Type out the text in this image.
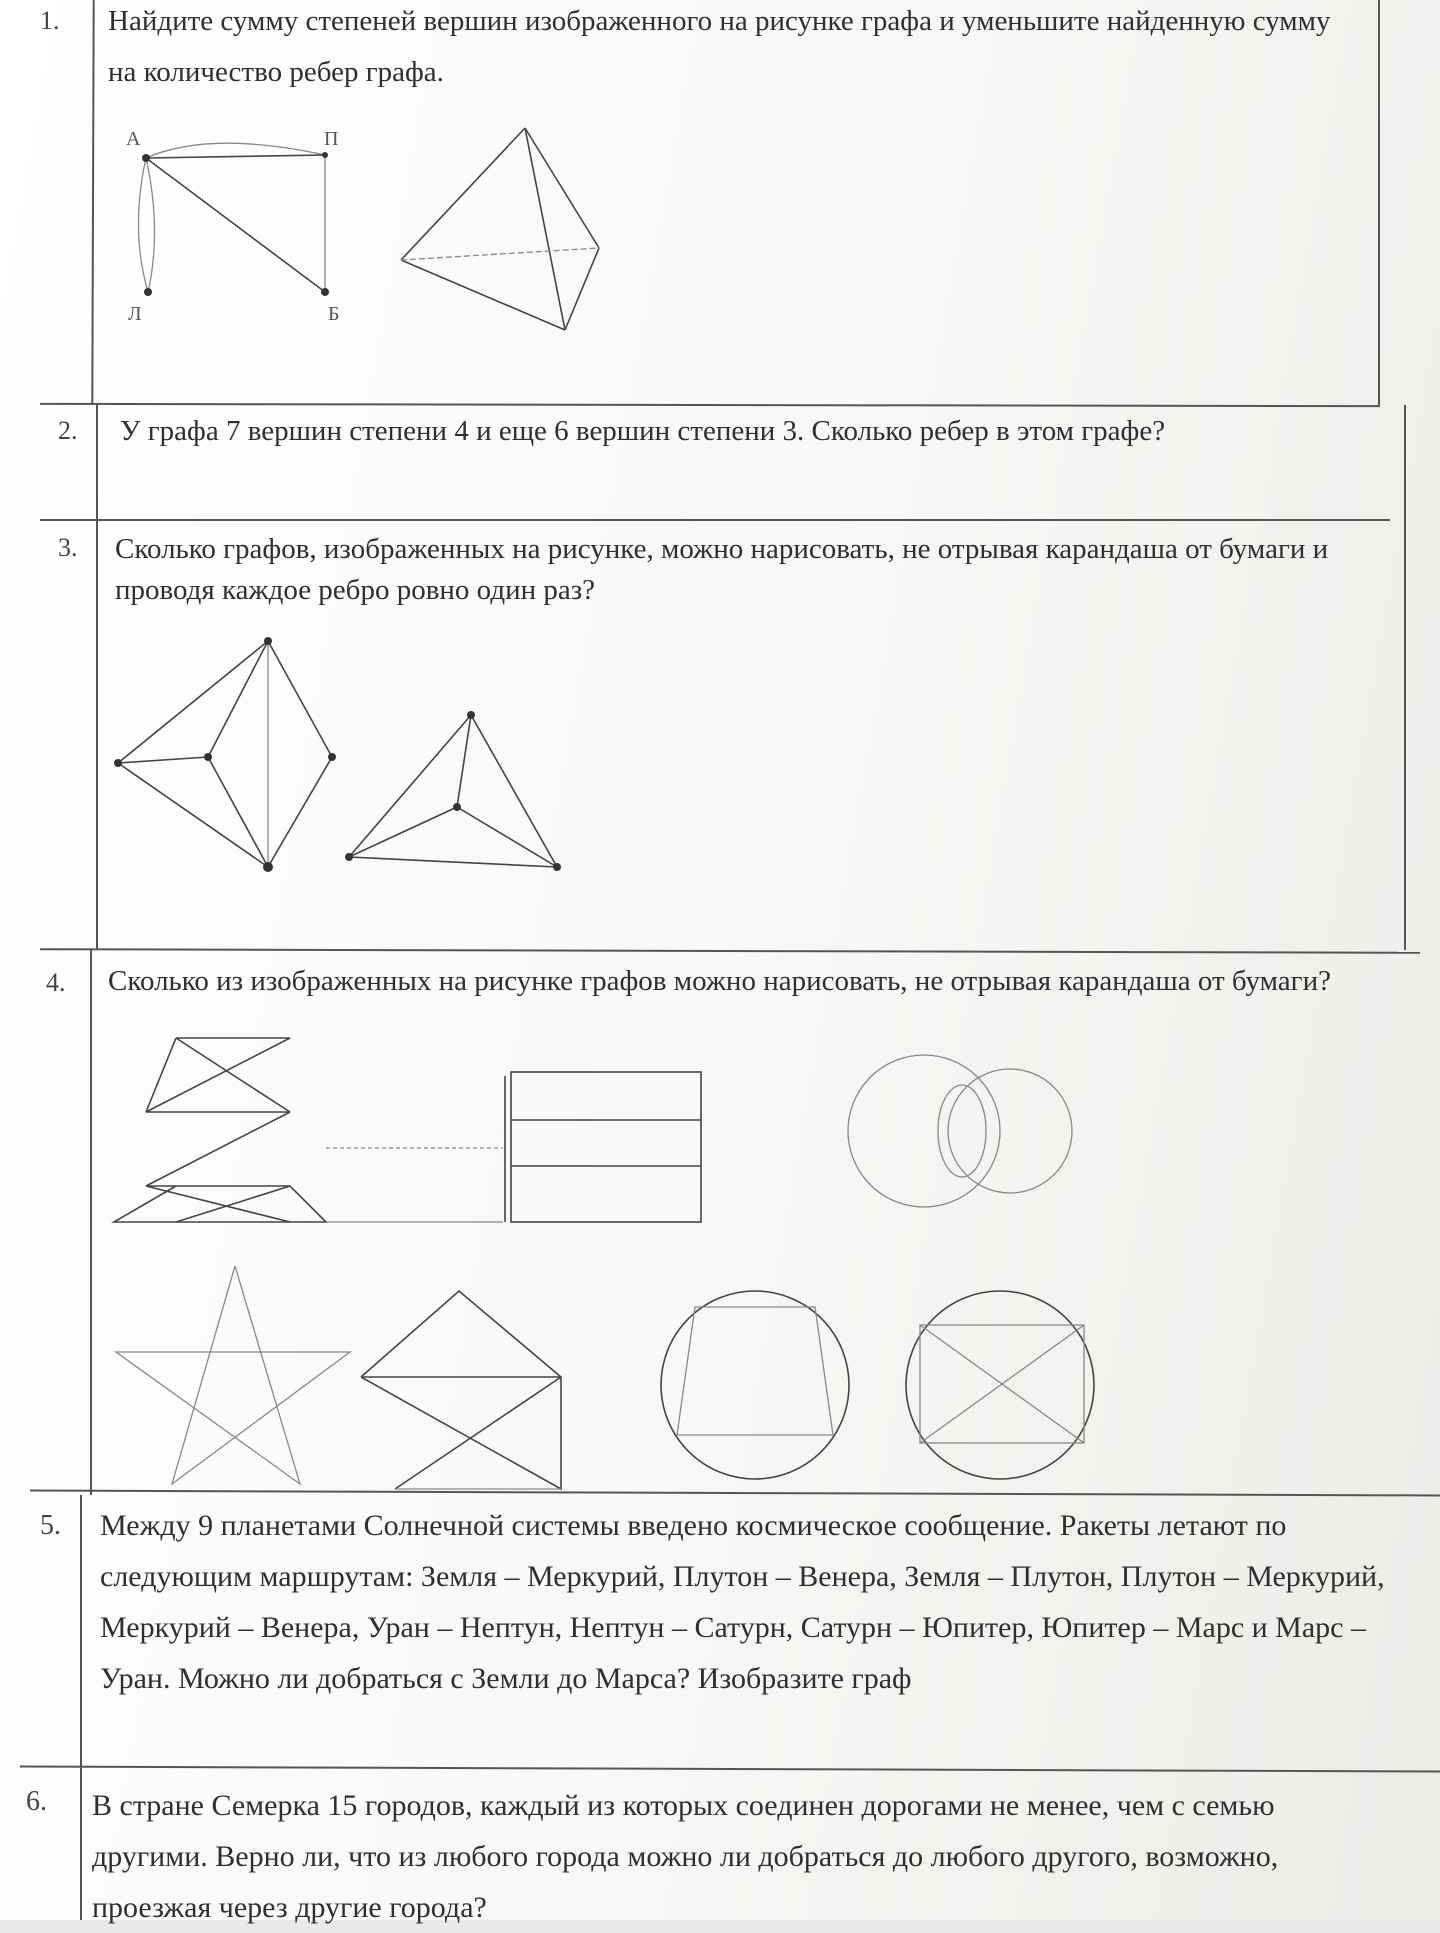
1. Найдите сумму степеней вершин изображенного на рисунке графа и уменьшите найденную сумму
на количество ребер графа.
А	П
Л	Б
2. У графа 7 вершин степени 4 и еще 6 вершин степени 3. Сколько ребер в этом графе?
3. Сколько графов, изображенных на рисунке, можно нарисовать, не отрывая карандаша от бумаги и
проводя каждое ребро ровно один раз?
4. Сколько из изображенных на рисунке графов можно нарисовать, не отрывая карандаша от бумаги?
5. Между 9 планетами Солнечной системы введено космическое сообщение. Ракеты летают по
следующим маршрутам: Земля – Меркурий, Плутон – Венера, Земля – Плутон, Плутон – Меркурий,
Меркурий – Венера, Уран – Нептун, Нептун – Сатурн, Сатурн – Юпитер, Юпитер – Марс и Марс –
Уран. Можно ли добраться с Земли до Марса? Изобразите граф
6. В стране Семерка 15 городов, каждый из которых соединен дорогами не менее, чем с семью
другими. Верно ли, что из любого города можно ли добраться до любого другого, возможно,
проезжая через другие города?
